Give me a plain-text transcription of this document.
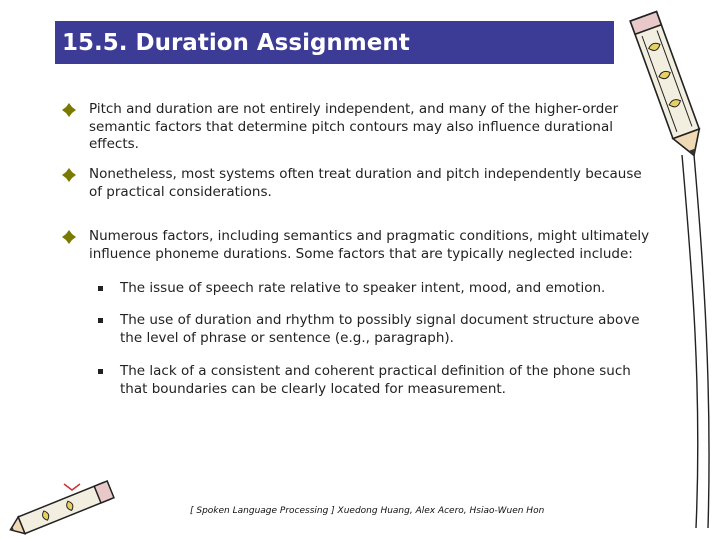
15.5. Duration Assignment
Pitch and duration are not entirely independent, and many of the higher-order semantic factors that determine pitch contours may also influence durational effects.
Nonetheless, most systems often treat duration and pitch independently because of practical considerations.
Numerous factors, including semantics and pragmatic conditions, might ultimately influence phoneme durations. Some factors that are typically neglected include:
The issue of speech rate relative to speaker intent, mood, and emotion.
The use of duration and rhythm to possibly signal document structure above the level of phrase or sentence (e.g., paragraph).
The lack of a consistent and coherent practical definition of the phone such that boundaries can be clearly located for measurement.
[ Spoken Language Processing ] Xuedong Huang, Alex Acero, Hsiao-Wuen Hon
